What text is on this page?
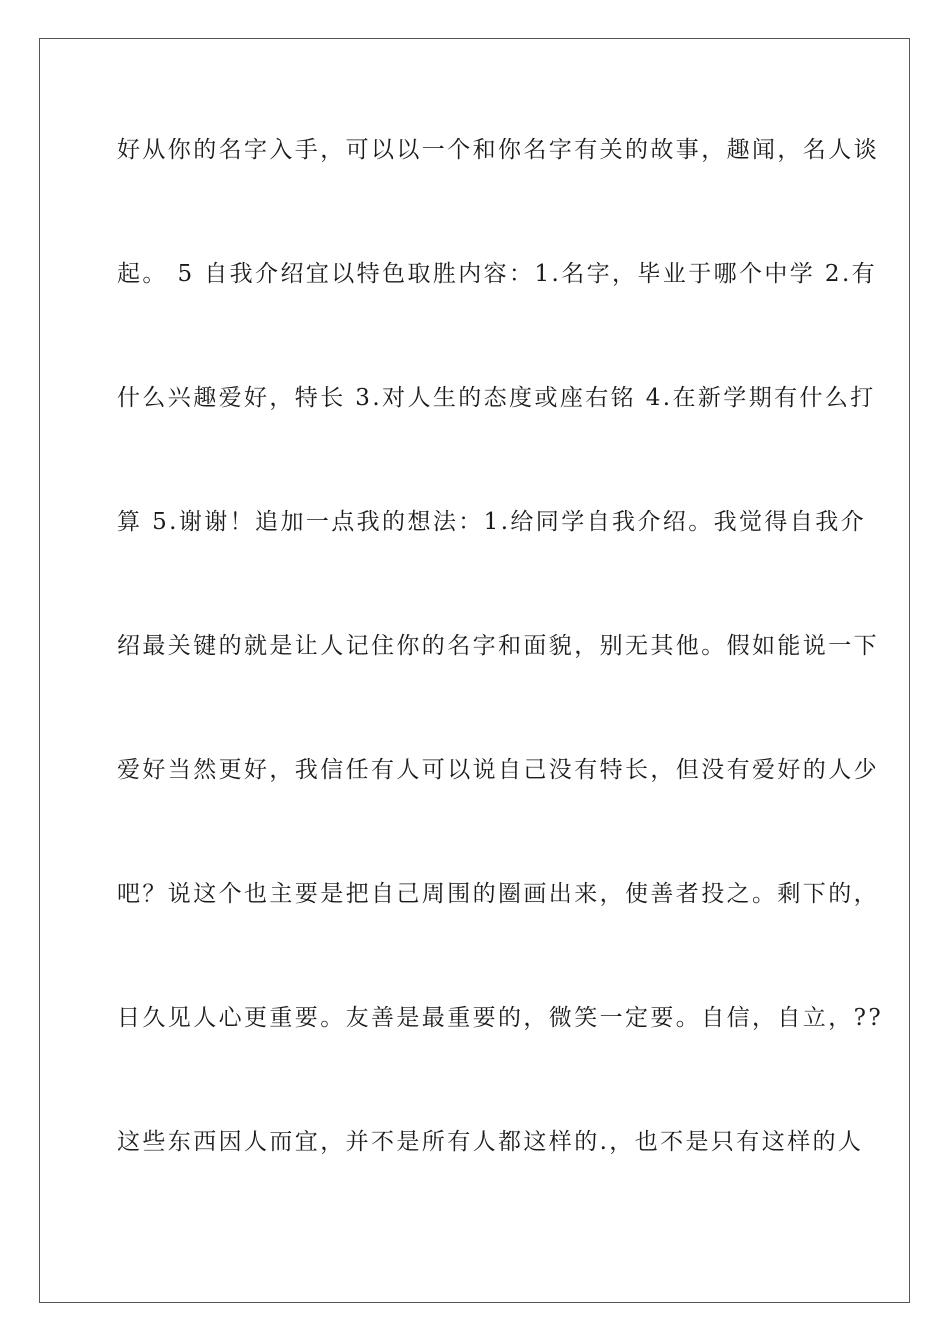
好从你的名字入手，可以以一个和你名字有关的故事，趣闻，名人谈
起。 5 自我介绍宜以特色取胜内容：1.名字，毕业于哪个中学 2.有
什么兴趣爱好，特长 3.对人生的态度或座右铭 4.在新学期有什么打
算 5.谢谢！追加一点我的想法：1.给同学自我介绍。我觉得自我介
绍最关键的就是让人记住你的名字和面貌，别无其他。假如能说一下
爱好当然更好，我信任有人可以说自己没有特长，但没有爱好的人少
吧？说这个也主要是把自己周围的圈画出来，使善者投之。剩下的，
日久见人心更重要。友善是最重要的，微笑一定要。自信，自立，??
这些东西因人而宜，并不是所有人都这样的.，也不是只有这样的人
